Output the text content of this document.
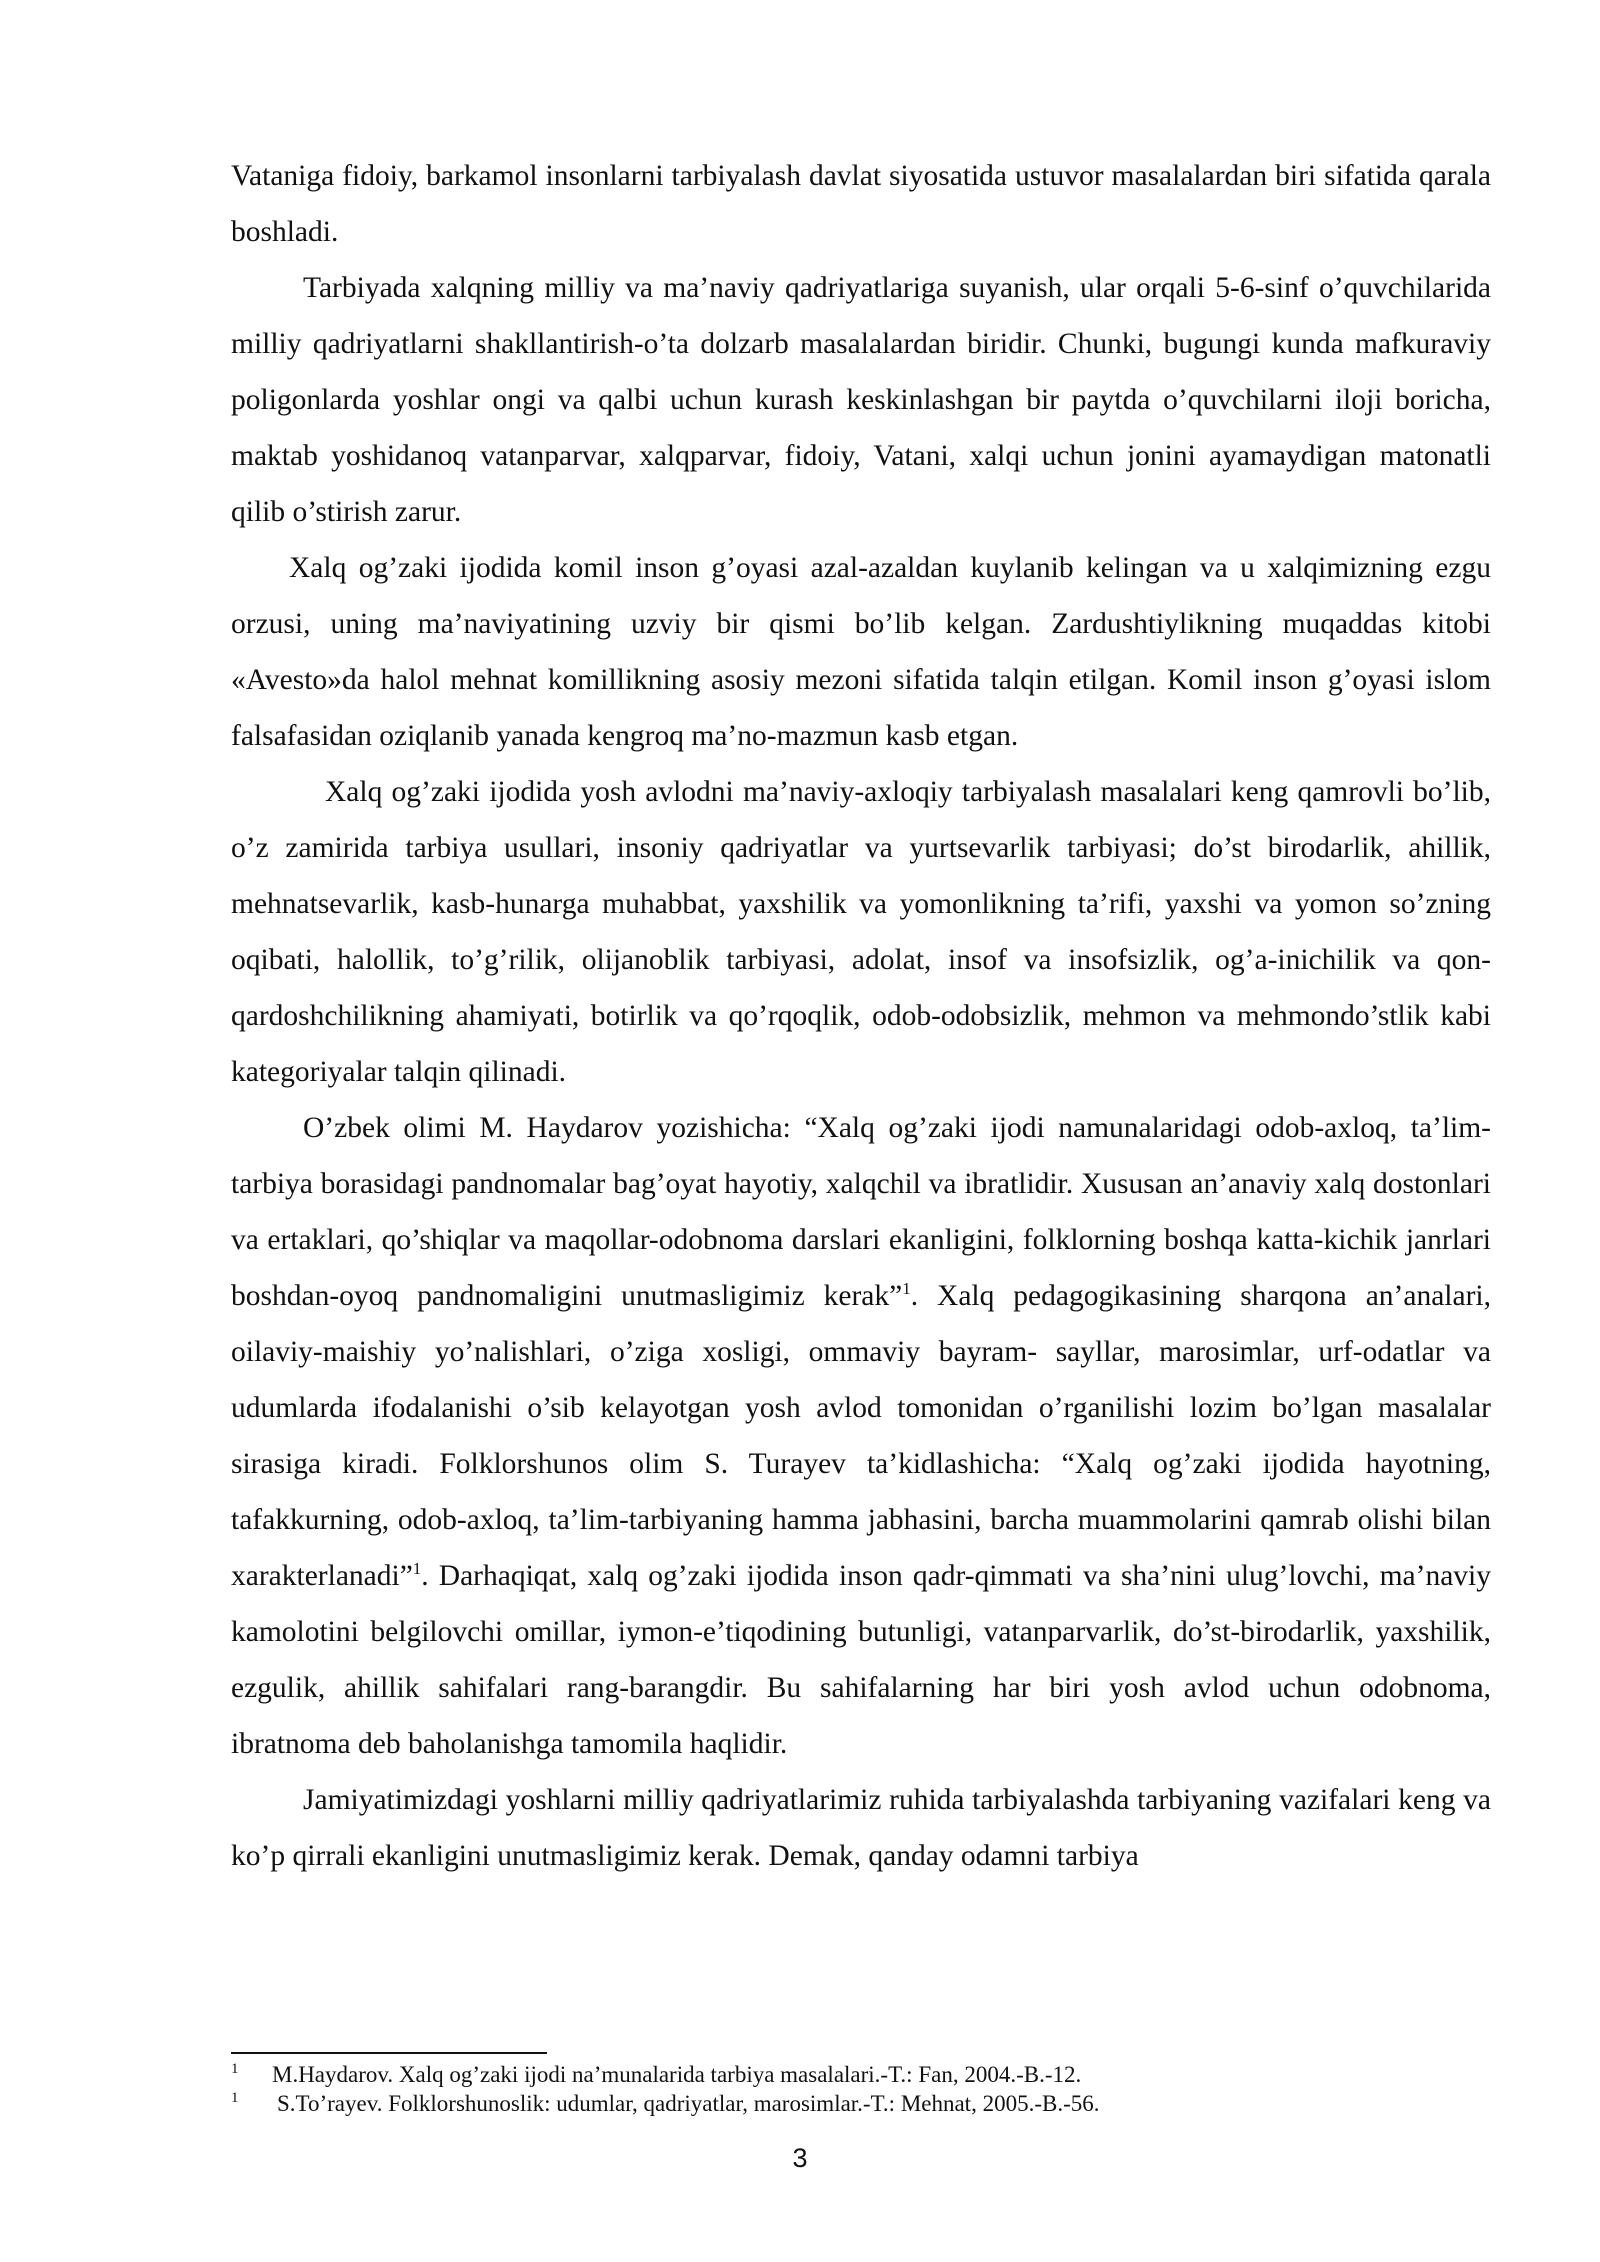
Vataniga fidoiy, barkamol insonlarni tarbiyalash davlat siyosatida ustuvor masalalardan biri sifatida qarala boshladi.

Tarbiyada xalqning milliy va ma’naviy qadriyatlariga suyanish, ular orqali 5-6-sinf o’quvchilarida milliy qadriyatlarni shakllantirish-o’ta dolzarb masalalardan biridir. Chunki, bugungi kunda mafkuraviy poligonlarda yoshlar ongi va qalbi uchun kurash keskinlashgan bir paytda o’quvchilarni iloji boricha, maktab yoshidanoq vatanparvar, xalqparvar, fidoiy, Vatani, xalqi uchun jonini ayamaydigan matonatli qilib o’stirish zarur.

Xalq og’zaki ijodida komil inson g’oyasi azal-azaldan kuylanib kelingan va u xalqimizning ezgu orzusi, uning ma’naviyatining uzviy bir qismi bo’lib kelgan. Zardushtiylikning muqaddas kitobi «Avesto»da halol mehnat komillikning asosiy mezoni sifatida talqin etilgan. Komil inson g’oyasi islom falsafasidan oziqlanib yanada kengroq ma’no-mazmun kasb etgan.

Xalq og’zaki ijodida yosh avlodni ma’naviy-axloqiy tarbiyalash masalalari keng qamrovli bo’lib, o’z zamirida tarbiya usullari, insoniy qadriyatlar va yurtsevarlik tarbiyasi; do’st birodarlik, ahillik, mehnatsevarlik, kasb-hunarga muhabbat, yaxshilik va yomonlikning ta’rifi, yaxshi va yomon so’zning oqibati, halollik, to’g’rilik, olijanoblik tarbiyasi, adolat, insof va insofsizlik, og’a-inichilik va qon-qardoshchilikning ahamiyati, botirlik va qo’rqoqlik, odob-odobsizlik, mehmon va mehmondo’stlik kabi kategoriyalar talqin qilinadi.

O’zbek olimi M. Haydarov yozishicha: “Xalq og’zaki ijodi namunalaridagi odob-axloq, ta’lim-tarbiya borasidagi pandnomalar bag’oyat hayotiy, xalqchil va ibratlidir. Xususan an’anaviy xalq dostonlari va ertaklari, qo’shiqlar va maqollar-odobnoma darslari ekanligini, folklorning boshqa katta-kichik janrlari boshdan-oyoq pandnomaligini unutmasligimiz kerak”$^1$. Xalq pedagogikasining sharqona an’analari, oilaviy-maishiy yo’nalishlari, o’ziga xosligi, ommaviy bayram- sayllar, marosimlar, urf-odatlar va udumlarda ifodalanishi o’sib kelayotgan yosh avlod tomonidan o’rganilishi lozim bo’lgan masalalar sirasiga kiradi. Folklorshunos olim S. Turayev ta’kidlashicha: “Xalq og’zaki ijodida hayotning, tafakkurning, odob-axloq, ta’lim-tarbiyaning hamma jabhasini, barcha muammolarini qamrab olishi bilan xarakterlanadi”$^1$. Darhaqiqat, xalq og’zaki ijodida inson qadr-qimmati va sha’nini ulug’lovchi, ma’naviy kamolotini belgilovchi omillar, iymon-e’tiqodining butunligi, vatanparvarlik, do’st-birodarlik, yaxshilik, ezgulik, ahillik sahifalari rang-barangdir. Bu sahifalarning har biri yosh avlod uchun odobnoma, ibratnoma deb baholanishga tamomila haqlidir.

Jamiyatimizdagi yoshlarni milliy qadriyatlarimiz ruhida tarbiyalashda tarbiyaning vazifalari keng va ko’p qirrali ekanligini unutmasligimiz kerak. Demak, qanday odamni tarbiya

1 M.Haydarov. Xalq og’zaki ijodi na’munalarida tarbiya masalalari.-T.: Fan, 2004.-B.-12.

1 S.To’rayev. Folklorshunoslik: udumlar, qadriyatlar, marosimlar.-T.: Mehnat, 2005.-B.-56.

3
